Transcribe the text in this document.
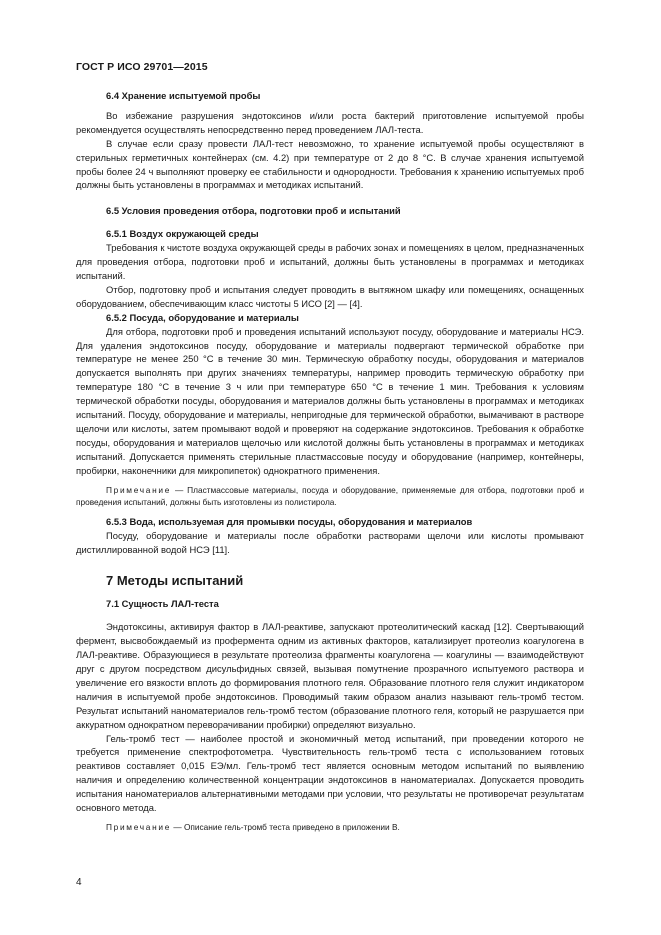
ГОСТ Р ИСО 29701—2015
6.4 Хранение испытуемой пробы

Во избежание разрушения эндотоксинов и/или роста бактерий приготовление испытуемой пробы рекомендуется осуществлять непосредственно перед проведением ЛАЛ-теста.

В случае если сразу провести ЛАЛ-тест невозможно, то хранение испытуемой пробы осуществляют в стерильных герметичных контейнерах (см. 4.2) при температуре от 2 до 8 °С. В случае хранения испытуемой пробы более 24 ч выполняют проверку ее стабильности и однородности. Требования к хранению испытуемых проб должны быть установлены в программах и методиках испытаний.

6.5 Условия проведения отбора, подготовки проб и испытаний
6.5.1 Воздух окружающей среды

Требования к чистоте воздуха окружающей среды в рабочих зонах и помещениях в целом, предназначенных для проведения отбора, подготовки проб и испытаний, должны быть установлены в программах и методиках испытаний.

Отбор, подготовку проб и испытания следует проводить в вытяжном шкафу или помещениях, оснащенных оборудованием, обеспечивающим класс чистоты 5 ИСО [2] — [4].

6.5.2 Посуда, оборудование и материалы

Для отбора, подготовки проб и проведения испытаний используют посуду, оборудование и материалы НСЭ. Для удаления эндотоксинов посуду, оборудование и материалы подвергают термической обработке при температуре не менее 250 °С в течение 30 мин. Термическую обработку посуды, оборудования и материалов допускается выполнять при других значениях температуры, например проводить термическую обработку при температуре 180 °С в течение 3 ч или при температуре 650 °С в течение 1 мин. Требования к условиям термической обработки посуды, оборудования и материалов должны быть установлены в программах и методиках испытаний. Посуду, оборудование и материалы, непригодные для термической обработки, вымачивают в растворе щелочи или кислоты, затем промывают водой и проверяют на содержание эндотоксинов. Требования к обработке посуды, оборудования и материалов щелочью или кислотой должны быть установлены в программах и методиках испытаний. Допускается применять стерильные пластмассовые посуду и оборудование (например, контейнеры, пробирки, наконечники для микропипеток) однократного применения.

Примечание — Пластмассовые материалы, посуда и оборудование, применяемые для отбора, подготовки проб и проведения испытаний, должны быть изготовлены из полистирола.

6.5.3 Вода, используемая для промывки посуды, оборудования и материалов

Посуду, оборудование и материалы после обработки растворами щелочи или кислоты промывают дистиллированной водой НСЭ [11].

7 Методы испытаний
7.1 Сущность ЛАЛ-теста

Эндотоксины, активируя фактор в ЛАЛ-реактиве, запускают протеолитический каскад [12]. Свертывающий фермент, высвобождаемый из профермента одним из активных факторов, катализирует протеолиз коагулогена в ЛАЛ-реактиве. Образующиеся в результате протеолиза фрагменты коагулогена — коагулины — взаимодействуют друг с другом посредством дисульфидных связей, вызывая помутнение прозрачного испытуемого раствора и увеличение его вязкости вплоть до формирования плотного геля. Образование плотного геля служит индикатором наличия в испытуемой пробе эндотоксинов. Проводимый таким образом анализ называют гель-тромб тестом. Результат испытаний наноматериалов гель-тромб тестом (образование плотного геля, который не разрушается при аккуратном однократном переворачивании пробирки) определяют визуально.

Гель-тромб тест — наиболее простой и экономичный метод испытаний, при проведении которого не требуется применение спектрофотометра. Чувствительность гель-тромб теста с использованием готовых реактивов составляет 0,015 ЕЭ/мл. Гель-тромб тест является основным методом испытаний по выявлению наличия и определению количественной концентрации эндотоксинов в наноматериалах. Допускается проводить испытания наноматериалов альтернативными методами при условии, что результаты не противоречат результатам основного метода.

Примечание — Описание гель-тромб теста приведено в приложении В.

4
